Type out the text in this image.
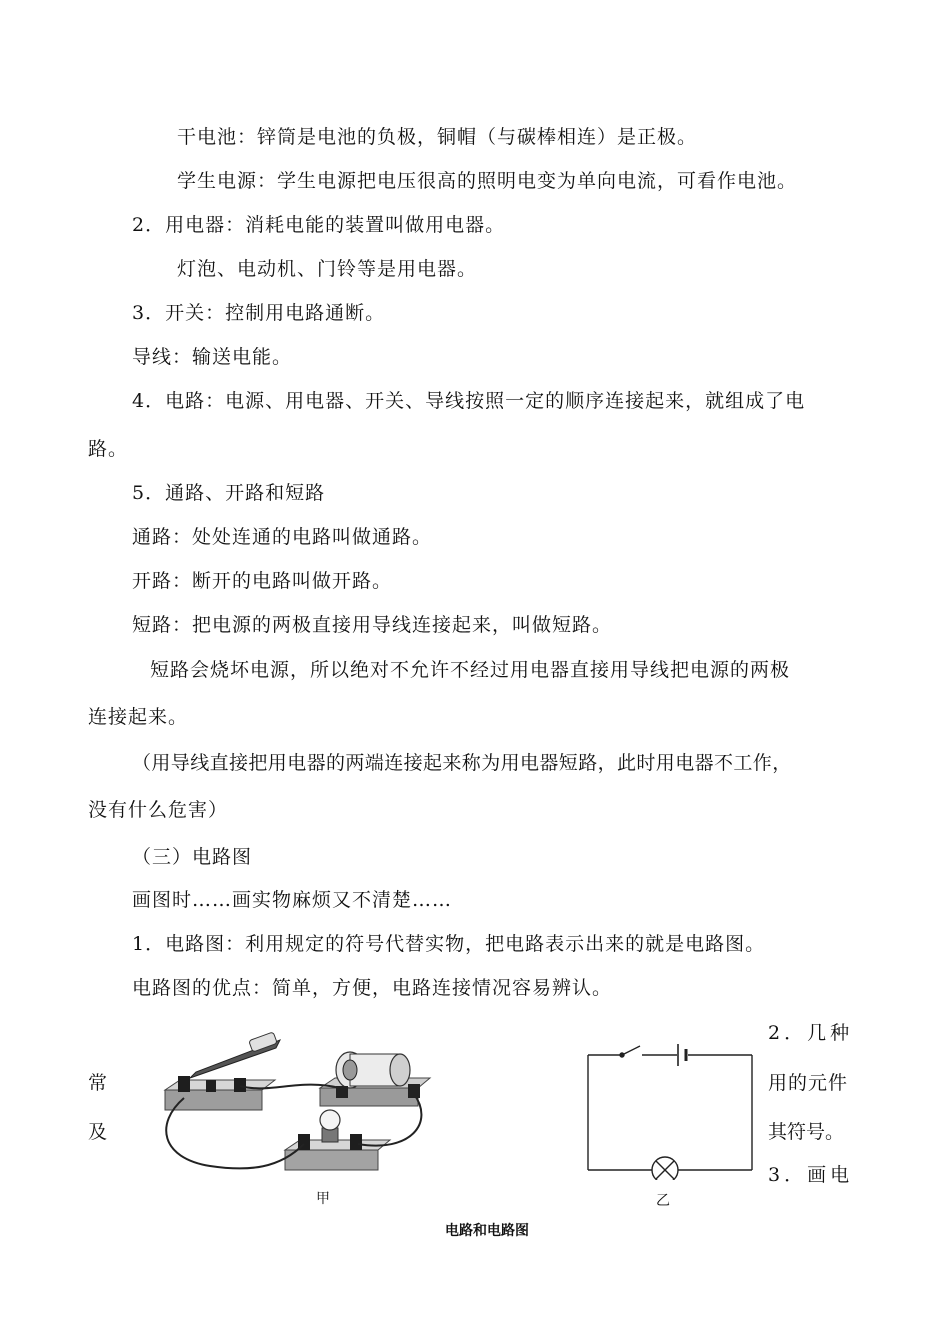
干电池：锌筒是电池的负极，铜帽（与碳棒相连）是正极。
学生电源：学生电源把电压很高的照明电变为单向电流，可看作电池。
2．用电器：消耗电能的装置叫做用电器。
灯泡、电动机、门铃等是用电器。
3．开关：控制用电路通断。
导线：输送电能。
4．电路：电源、用电器、开关、导线按照一定的顺序连接起来，就组成了电
路。
5．通路、开路和短路
通路：处处连通的电路叫做通路。
开路：断开的电路叫做开路。
短路：把电源的两极直接用导线连接起来，叫做短路。
短路会烧坏电源，所以绝对不允许不经过用电器直接用导线把电源的两极
连接起来。
（用导线直接把用电器的两端连接起来称为用电器短路，此时用电器不工作，
没有什么危害）
（三）电路图
画图时……画实物麻烦又不清楚……
1．电路图：利用规定的符号代替实物，把电路表示出来的就是电路图。
电路图的优点：简单，方便，电路连接情况容易辨认。
常
及
2．几种
用的元件
其符号。
3．画电
甲	乙
电路和电路图
